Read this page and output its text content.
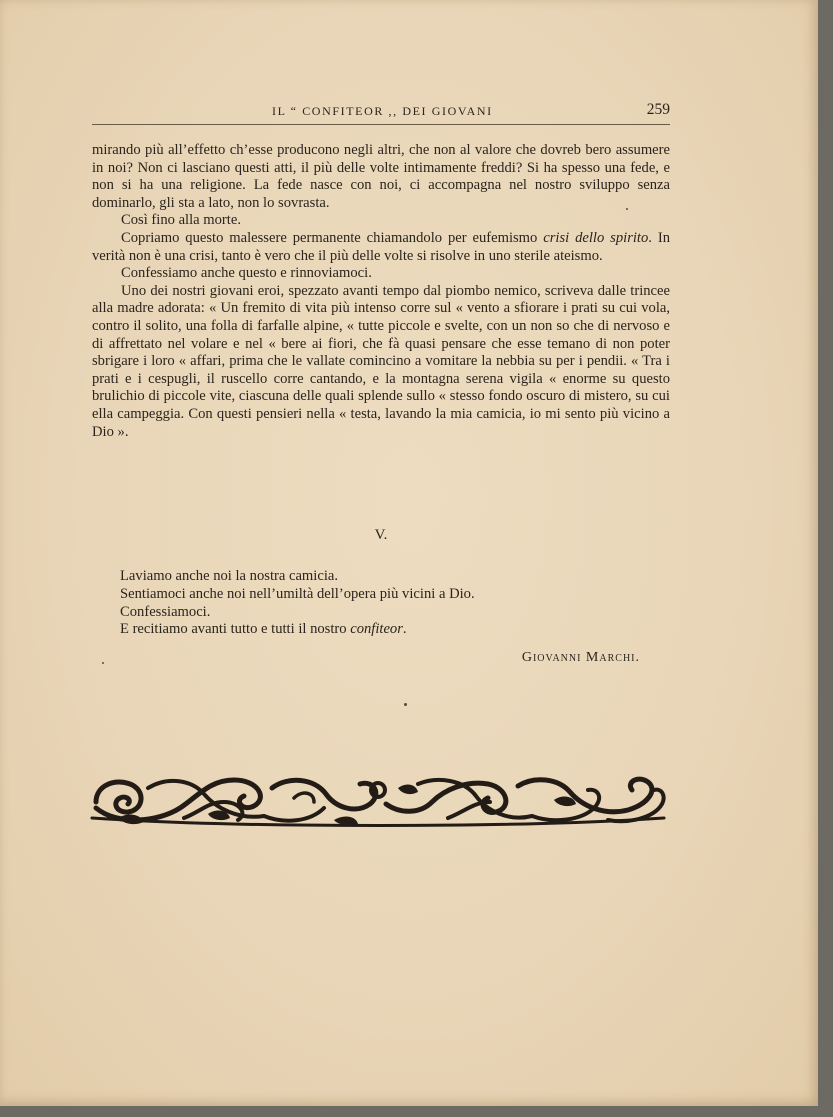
IL “ CONFITEOR ,, DEI GIOVANI	259

mirando più all’effetto ch’esse producono negli altri, che non al valore che dovreb bero assumere in noi? Non ci lasciano questi atti, il più delle volte intimamente freddi? Si ha spesso una fede, e non si ha una religione. La fede nasce con noi, ci accompagna nel nostro sviluppo senza dominarlo, gli sta a lato, non lo sovrasta.

Così fino alla morte.

Copriamo questo malessere permanente chiamandolo per eufemismo crisi dello spirito. In verità non è una crisi, tanto è vero che il più delle volte si risolve in uno sterile ateismo.

Confessiamo anche questo e rinnoviamoci.

Uno dei nostri giovani eroi, spezzato avanti tempo dal piombo nemico, scriveva dalle trincee alla madre adorata: « Un fremito di vita più intenso corre sul « vento a sfiorare i prati su cui vola, contro il solito, una folla di farfalle alpine, « tutte piccole e svelte, con un non so che di nervoso e di affrettato nel volare e nel « bere ai fiori, che fà quasi pensare che esse temano di non poter sbrigare i loro « affari, prima che le vallate comincino a vomitare la nebbia su per i pendii. « Tra i prati e i cespugli, il ruscello corre cantando, e la montagna serena vigila « enorme su questo brulichio di piccole vite, ciascuna delle quali splende sullo « stesso fondo oscuro di mistero, su cui ella campeggia. Con questi pensieri nella « testa, lavando la mia camicia, io mi sento più vicino a Dio ».

V.

Laviamo anche noi la nostra camicia.

Sentiamoci anche noi nell’umiltà dell’opera più vicini a Dio.

Confessiamoci.

E recitiamo avanti tutto e tutti il nostro confiteor.

Giovanni Marchi.
